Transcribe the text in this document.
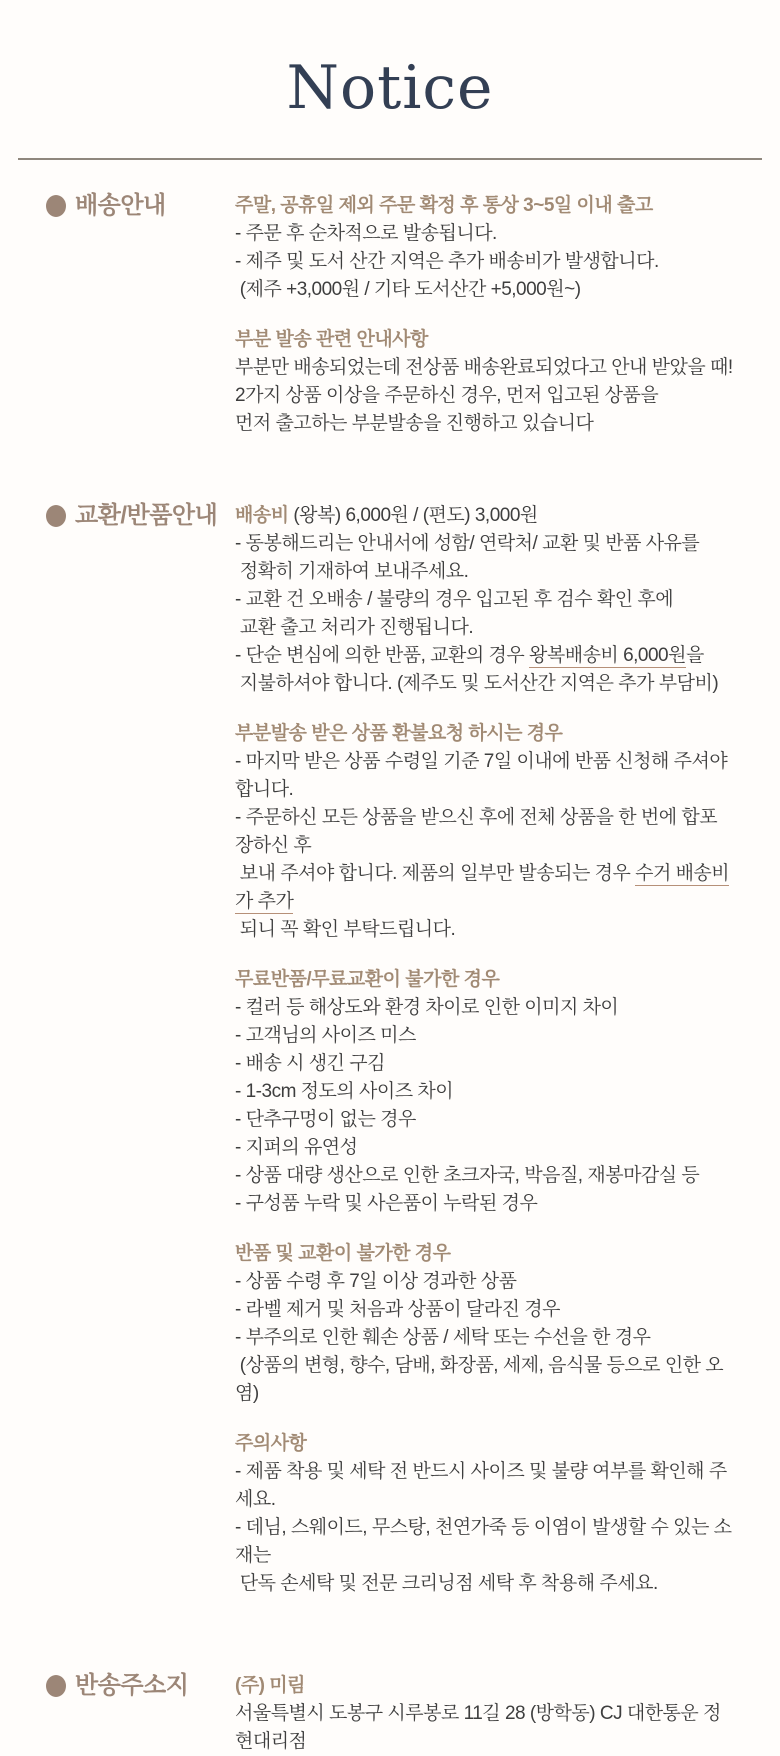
Notice
배송안내	주말, 공휴일 제외 주문 확정 후 통상 3~5일 이내 출고
- 주문 후 순차적으로 발송됩니다.
- 제주 및 도서 산간 지역은 추가 배송비가 발생합니다.
(제주 +3,000원 / 기타 도서산간 +5,000원~)
부분 발송 관련 안내사항
부분만 배송되었는데 전상품 배송완료되었다고 안내 받았을 때!
2가지 상품 이상을 주문하신 경우, 먼저 입고된 상품을
먼저 출고하는 부분발송을 진행하고 있습니다
교환/반품안내 배송비 (왕복) 6,000원 / (편도) 3,000원
- 동봉해드리는 안내서에 성함/ 연락처/ 교환 및 반품 사유를
정확히 기재하여 보내주세요.
- 교환 건 오배송 / 불량의 경우 입고된 후 검수 확인 후에
교환 출고 처리가 진행됩니다.
- 단순 변심에 의한 반품, 교환의 경우 왕복배송비 6,000원을
지불하셔야 합니다. (제주도 및 도서산간 지역은 추가 부담비)
부분발송 받은 상품 환불요청 하시는 경우
- 마지막 받은 상품 수령일 기준 7일 이내에 반품 신청해 주셔야 합니다.
- 주문하신 모든 상품을 받으신 후에 전체 상품을 한 번에 합포장하신 후
보내 주셔야 합니다. 제품의 일부만 발송되는 경우 수거 배송비가 추가
되니 꼭 확인 부탁드립니다.
무료반품/무료교환이 불가한 경우
- 컬러 등 해상도와 환경 차이로 인한 이미지 차이
- 고객님의 사이즈 미스
- 배송 시 생긴 구김
- 1-3cm 정도의 사이즈 차이
- 단추구멍이 없는 경우
- 지퍼의 유연성
- 상품 대량 생산으로 인한 초크자국, 박음질, 재봉마감실 등
- 구성품 누락 및 사은품이 누락된 경우
반품 및 교환이 불가한 경우
- 상품 수령 후 7일 이상 경과한 상품
- 라벨 제거 및 처음과 상품이 달라진 경우
- 부주의로 인한 훼손 상품 / 세탁 또는 수선을 한 경우
(상품의 변형, 향수, 담배, 화장품, 세제, 음식물 등으로 인한 오염)
주의사항
- 제품 착용 및 세탁 전 반드시 사이즈 및 불량 여부를 확인해 주세요.
- 데님, 스웨이드, 무스탕, 천연가죽 등 이염이 발생할 수 있는 소재는
단독 손세탁 및 전문 크리닝점 세탁 후 착용해 주세요.
반송주소지 (주) 미림
서울특별시 도봉구 시루봉로 11길 28 (방학동) CJ 대한통운 정현대리점
